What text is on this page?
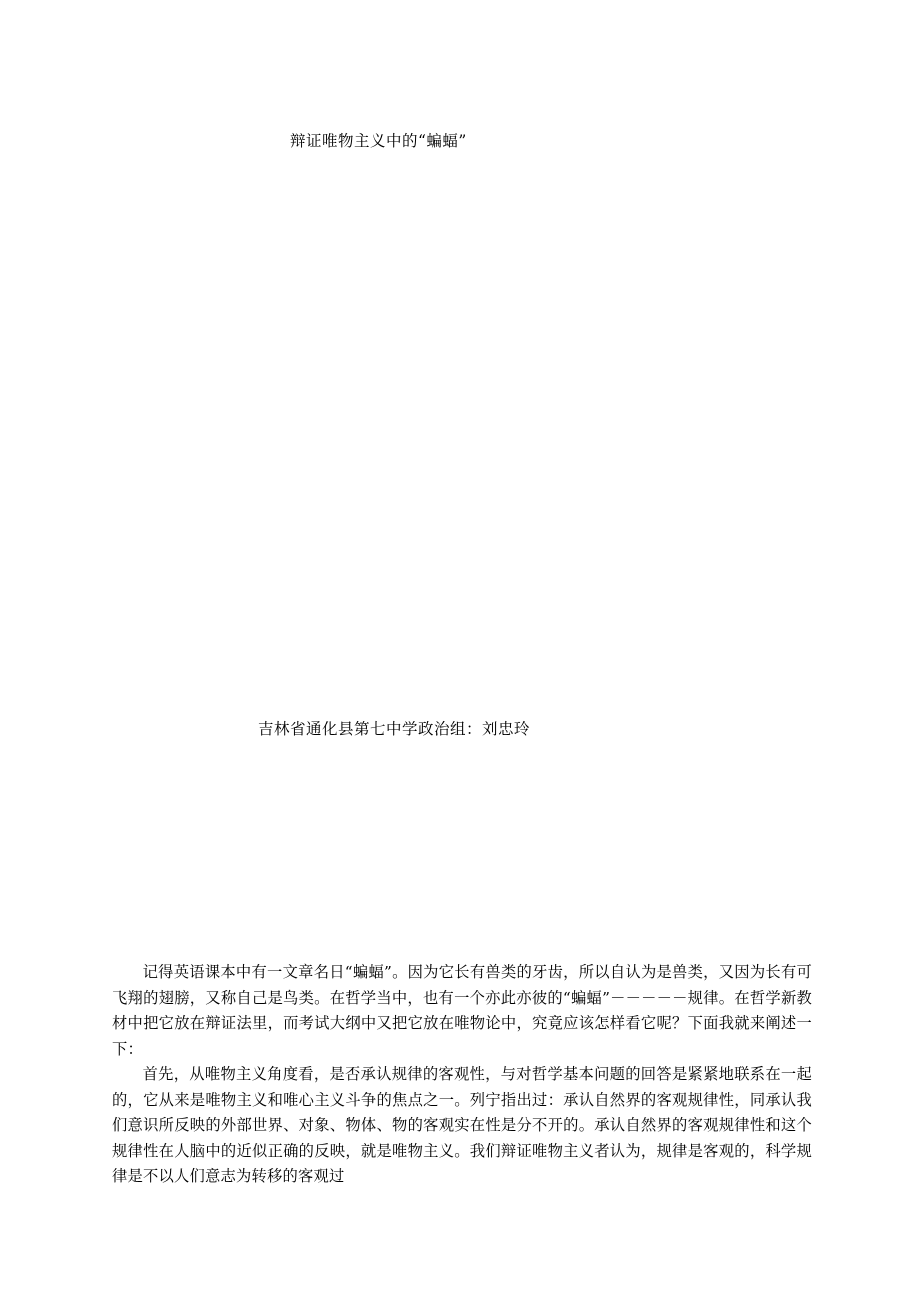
辩证唯物主义中的“蝙蝠”
吉林省通化县第七中学政治组：刘忠玲

记得英语课本中有一文章名日“蝙蝠”。因为它长有兽类的牙齿，所以自认为是兽类，又因为长有可飞翔的翅膀，又称自己是鸟类。在哲学当中，也有一个亦此亦彼的“蝙蝠”－－－－－规律。在哲学新教材中把它放在辩证法里，而考试大纲中又把它放在唯物论中，究竟应该怎样看它呢？下面我就来阐述一下：

首先，从唯物主义角度看，是否承认规律的客观性，与对哲学基本问题的回答是紧紧地联系在一起的，它从来是唯物主义和唯心主义斗争的焦点之一。列宁指出过：承认自然界的客观规律性，同承认我们意识所反映的外部世界、对象、物体、物的客观实在性是分不开的。承认自然界的客观规律性和这个规律性在人脑中的近似正确的反映，就是唯物主义。我们辩证唯物主义者认为，规律是客观的，科学规律是不以人们意志为转移的客观过
